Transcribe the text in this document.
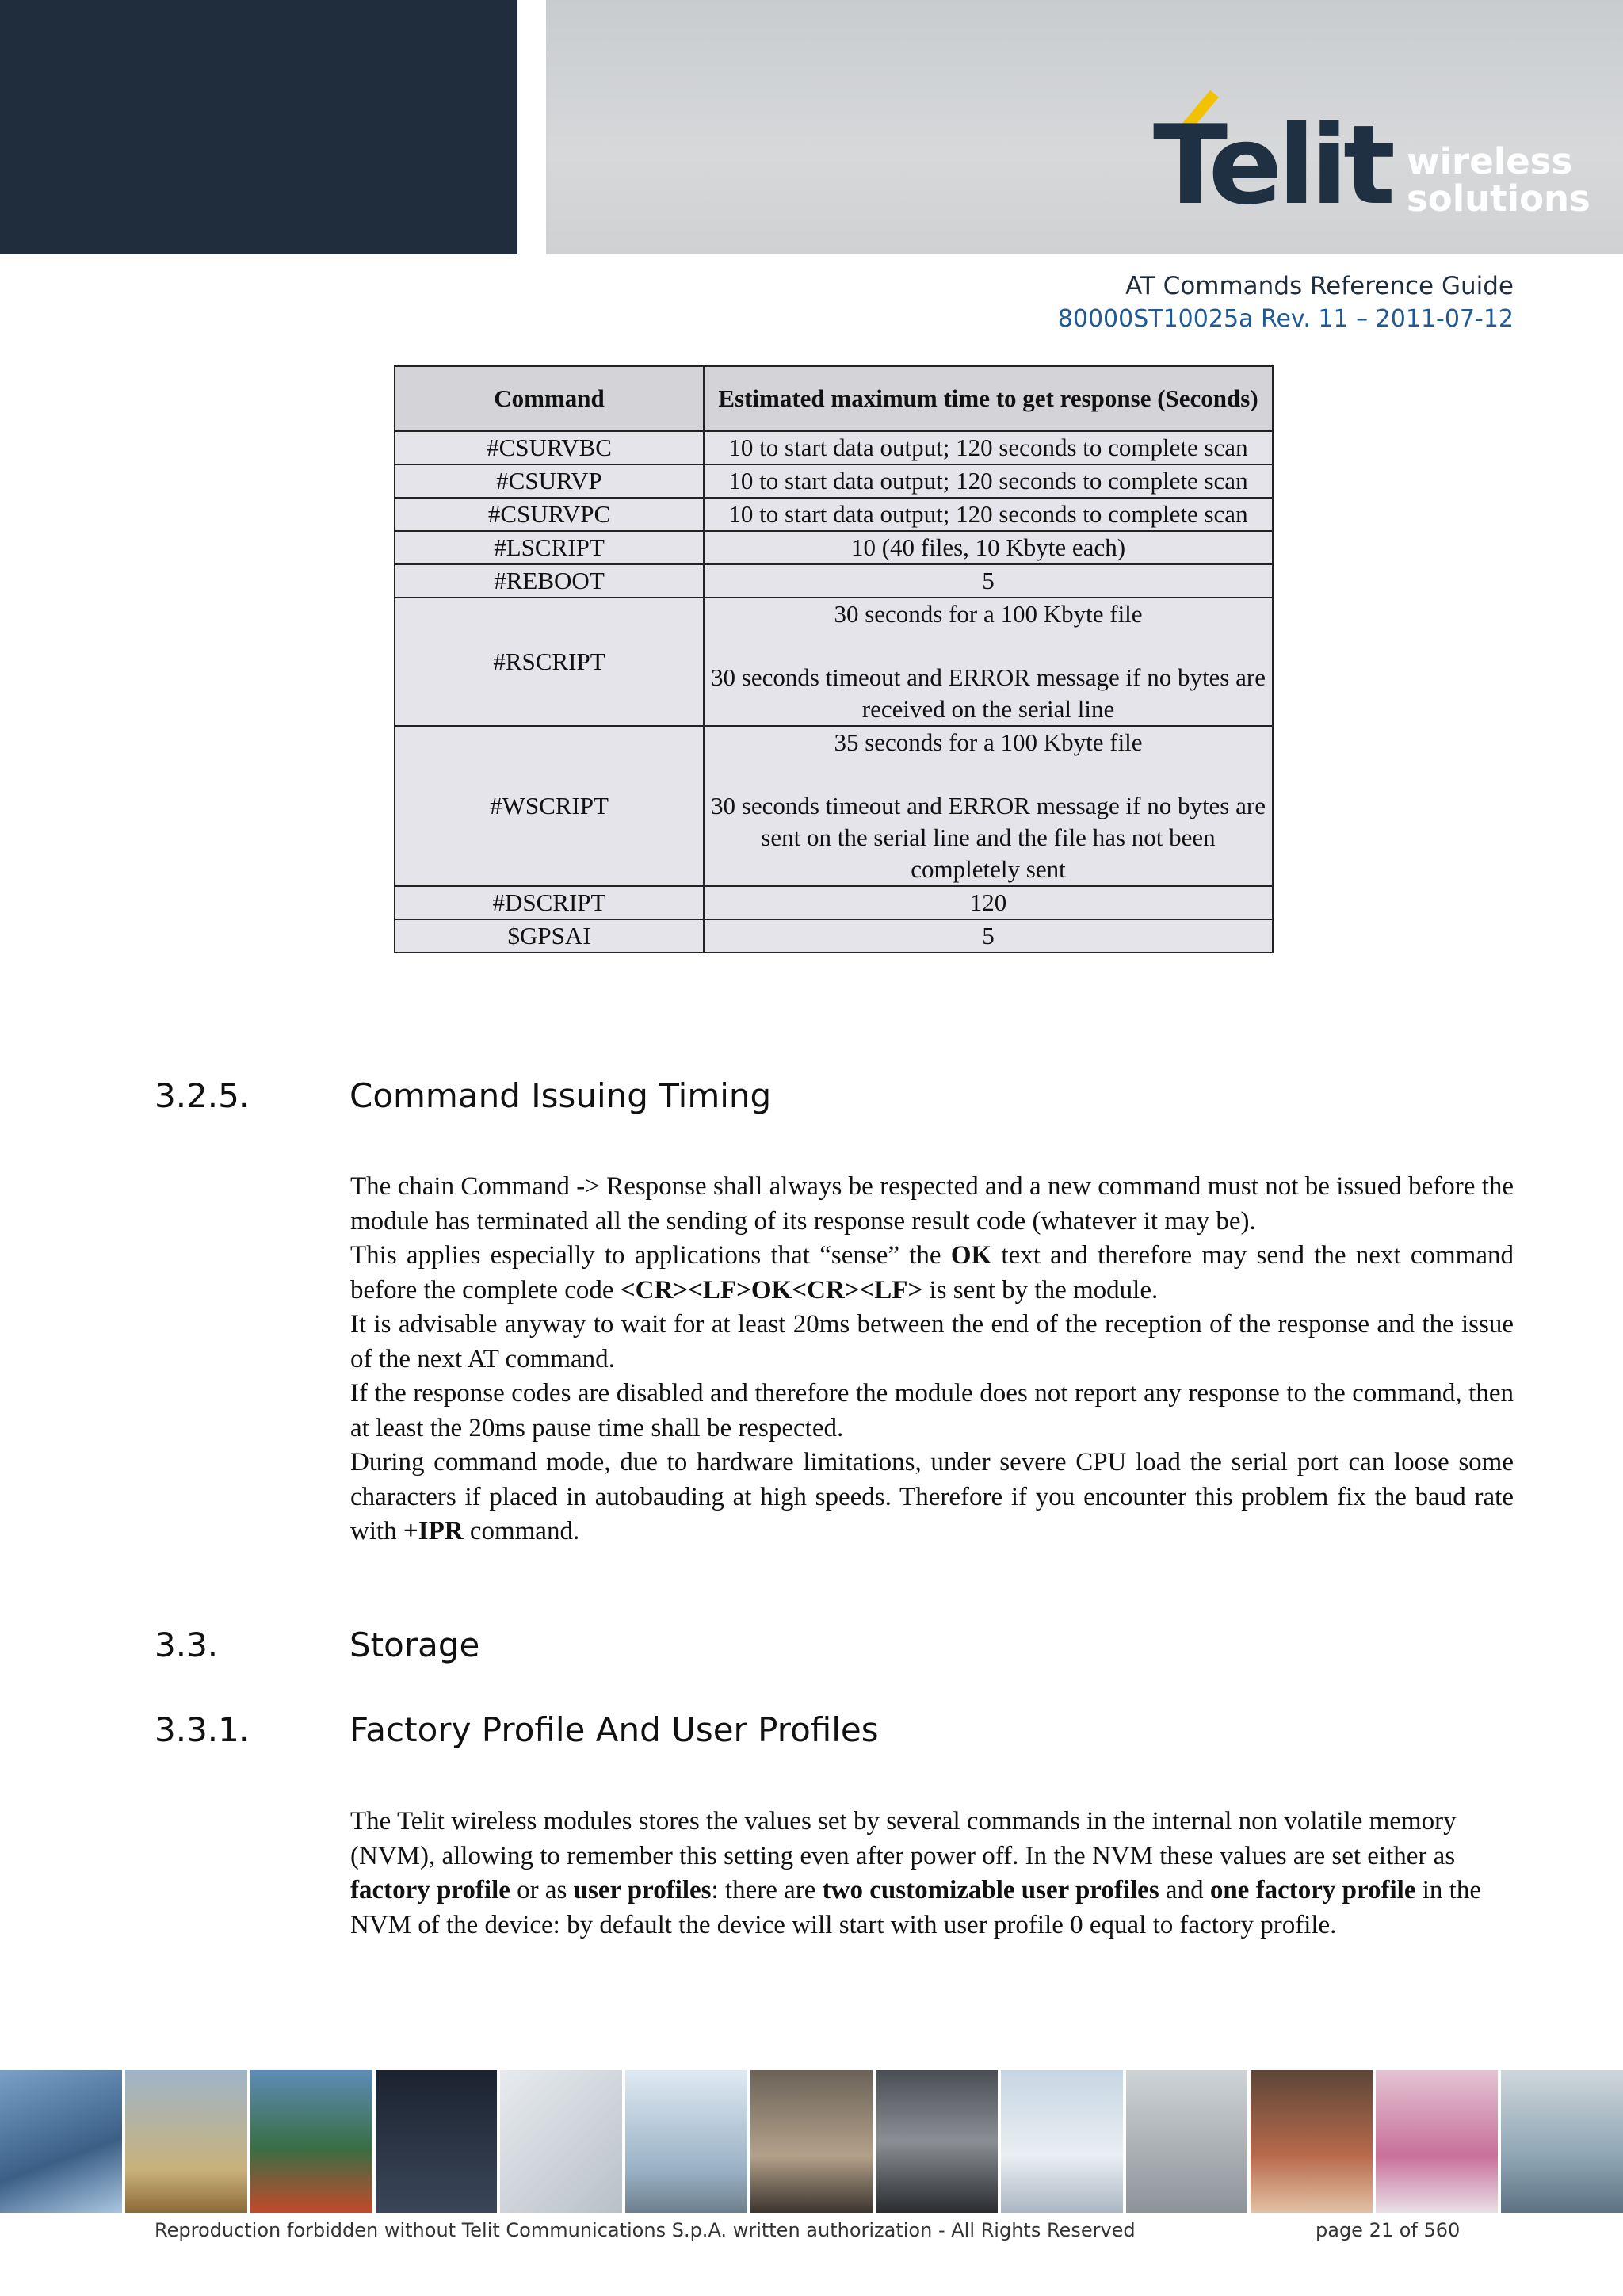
Telit wireless
solutions
AT Commands Reference Guide
80000ST10025a Rev. 11 – 2011-07-12
Command	Estimated maximum time to get response (Seconds)
#CSURVBC	10 to start data output; 120 seconds to complete scan

#CSURVP	10 to start data output; 120 seconds to complete scan

#CSURVPC	10 to start data output; 120 seconds to complete scan

#LSCRIPT	10 (40 files, 10 Kbyte each)

#REBOOT	5

#RSCRIPT	30 seconds for a 100 Kbyte file
30 seconds timeout and ERROR message if no bytes are received on the serial line

#WSCRIPT	35 seconds for a 100 Kbyte file
30 seconds timeout and ERROR message if no bytes are sent on the serial line and the file has not been completely sent

#DSCRIPT	120

$GPSAI	5
3.2.5.	Command Issuing Timing

The chain Command -> Response shall always be respected and a new command must not be issued before the module has terminated all the sending of its response result code (whatever it may be).

This applies especially to applications that “sense” the OK text and therefore may send the next command before the complete code <CR><LF>OK<CR><LF> is sent by the module.

It is advisable anyway to wait for at least 20ms between the end of the reception of the response and the issue of the next AT command.

If the response codes are disabled and therefore the module does not report any response to the command, then at least the 20ms pause time shall be respected.

During command mode, due to hardware limitations, under severe CPU load the serial port can loose some characters if placed in autobauding at high speeds. Therefore if you encounter this problem fix the baud rate with +IPR command.

3.3.	Storage
3.3.1.	Factory Profile And User Profiles

The Telit wireless modules stores the values set by several commands in the internal non volatile memory (NVM), allowing to remember this setting even after power off. In the NVM these values are set either as factory profile or as user profiles: there are two customizable user profiles and one factory profile in the NVM of the device: by default the device will start with user profile 0 equal to factory profile.

Reproduction forbidden without Telit Communications S.p.A. written authorization - All Rights Reserved	page 21 of 560
